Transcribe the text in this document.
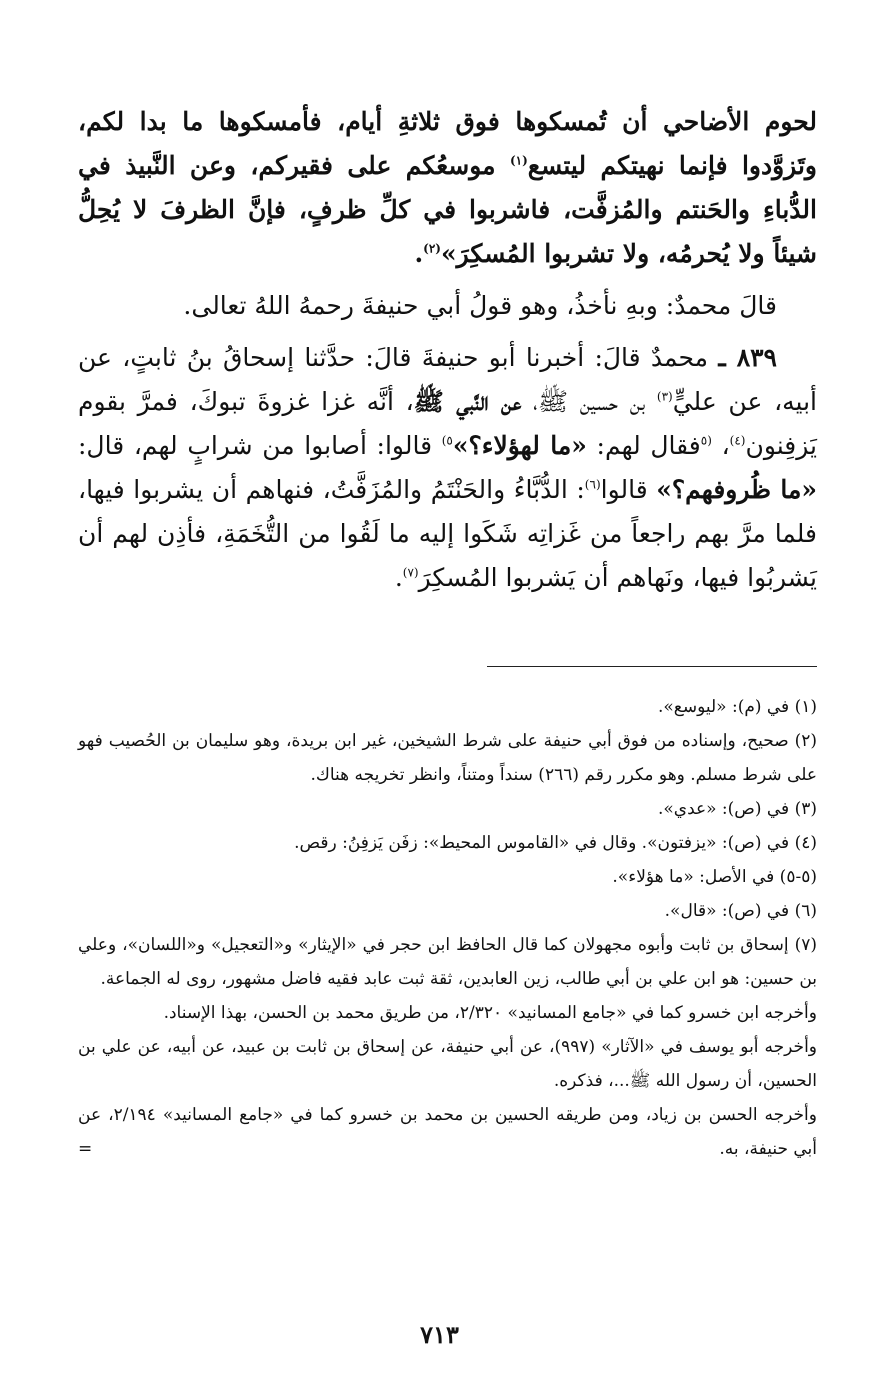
لحوم الأضاحي أن تُمسكوها فوق ثلاثةِ أيام، فأمسكوها ما بدا لكم، وتَزوَّدوا فإنما نهيتكم ليتسع$^{(١)}$ موسعُكم على فقيركم، وعن النَّبيذ في الدُّباءِ والحَنتم والمُزفَّت، فاشربوا في كلِّ ظرفٍ، فإنَّ الظرفَ لا يُحِلُّ شيئاً ولا يُحرمُه، ولا تشربوا المُسكِرَ»$^{(٢)}$.

قالَ محمدٌ: وبهِ نأخذُ، وهو قولُ أبي حنيفةَ رحمهُ اللهُ تعالى.

٨٣٩ ـ محمدٌ قالَ: أخبرنا أبو حنيفةَ قالَ: حدَّثنا إسحاقُ بنُ ثابتٍ، عن أبيه، عن عليٍّ$^{(٣)}$ بن حسين ﷺ، عن النَّبي ﷺ، أنَّه غزا غزوةَ تبوكَ، فمرَّ بقوم يَزفِنون$^{(٤)}$، $^{(٥}$فقال لهم: «ما لهؤلاء؟»$^{٥)}$ قالوا: أصابوا من شرابٍ لهم، قال: «ما ظُروفهم؟» قالوا$^{(٦)}$: الدُّبَّاءُ والحَنْتَمُ والمُزَفَّتُ، فنهاهم أن يشربوا فيها، فلما مرَّ بهم راجعاً من غَزاتِه شَكَوا إليه ما لَقُوا من التُّخَمَةِ، فأذِن لهم أن يَشربُوا فيها، ونَهاهم أن يَشربوا المُسكِرَ$^{(٧)}$.

(١) في (م): «ليوسع».

(٢) صحيح، وإسناده من فوق أبي حنيفة على شرط الشيخين، غير ابن بريدة، وهو سليمان بن الحُصيب فهو على شرط مسلم. وهو مكرر رقم (٢٦٦) سنداً ومتناً، وانظر تخريجه هناك.

(٣) في (ص): «عدي».

(٤) في (ص): «يزفتون». وقال في «القاموس المحيط»: زفَن يَزفِنُ: رقص.

(٥-٥) في الأصل: «ما هؤلاء».

(٦) في (ص): «قال».

(٧) إسحاق بن ثابت وأبوه مجهولان كما قال الحافظ ابن حجر في «الإيثار» و«التعجيل» و«اللسان»، وعلي بن حسين: هو ابن علي بن أبي طالب، زين العابدين، ثقة ثبت عابد فقيه فاضل مشهور، روى له الجماعة.

وأخرجه ابن خسرو كما في «جامع المسانيد» ٢/٣٢٠، من طريق محمد بن الحسن، بهذا الإسناد.

وأخرجه أبو يوسف في «الآثار» (٩٩٧)، عن أبي حنيفة، عن إسحاق بن ثابت بن عبيد، عن أبيه، عن علي بن الحسين، أن رسول الله ﷺ...، فذكره.

وأخرجه الحسن بن زياد، ومن طريقه الحسين بن محمد بن خسرو كما في «جامع المسانيد» ٢/١٩٤، عن أبي حنيفة، به.

=
٧١٣
